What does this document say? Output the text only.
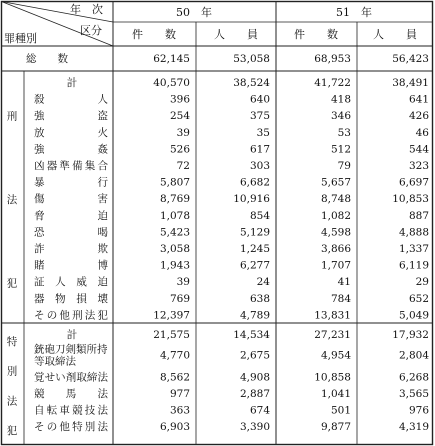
年　次
区分
罪種別
50　年	51　年
件　　数	人　　員	件　　数	人　　員
総　　数	62,145	53,058	68,953	56,423
刑
法
犯
計	40,570	38,524	41,722	38,491
殺　　人	396	640	418	641
強　　盗	254	375	346	426
放　　火	39	35	53	46
強　　姦	526	617	512	544
凶器準備集合	72	303	79	323
暴　　行	5,807	6,682	5,657	6,697
傷　　害	8,769	10,916	8,748	10,853
脅　　迫	1,078	854	1,082	887
恐　　喝	5,423	5,129	4,598	4,888
詐　　欺	3,058	1,245	3,866	1,337
賭　　博	1,943	6,277	1,707	6,119
証人威迫	39	24	41	29
器物損壊	769	638	784	652
その他刑法犯	12,397	4,789	13,831	5,049
特
別
法
犯
計	21,575	14,534	27,231	17,932
銃砲刀剣類所持
等取締法	4,770	2,675	4,954	2,804
覚せい剤取締法	8,562	4,908	10,858	6,268
競　馬　法	977	2,887	1,041	3,565
自転車競技法	363	674	501	976
その他特別法	6,903	3,390	9,877	4,319
